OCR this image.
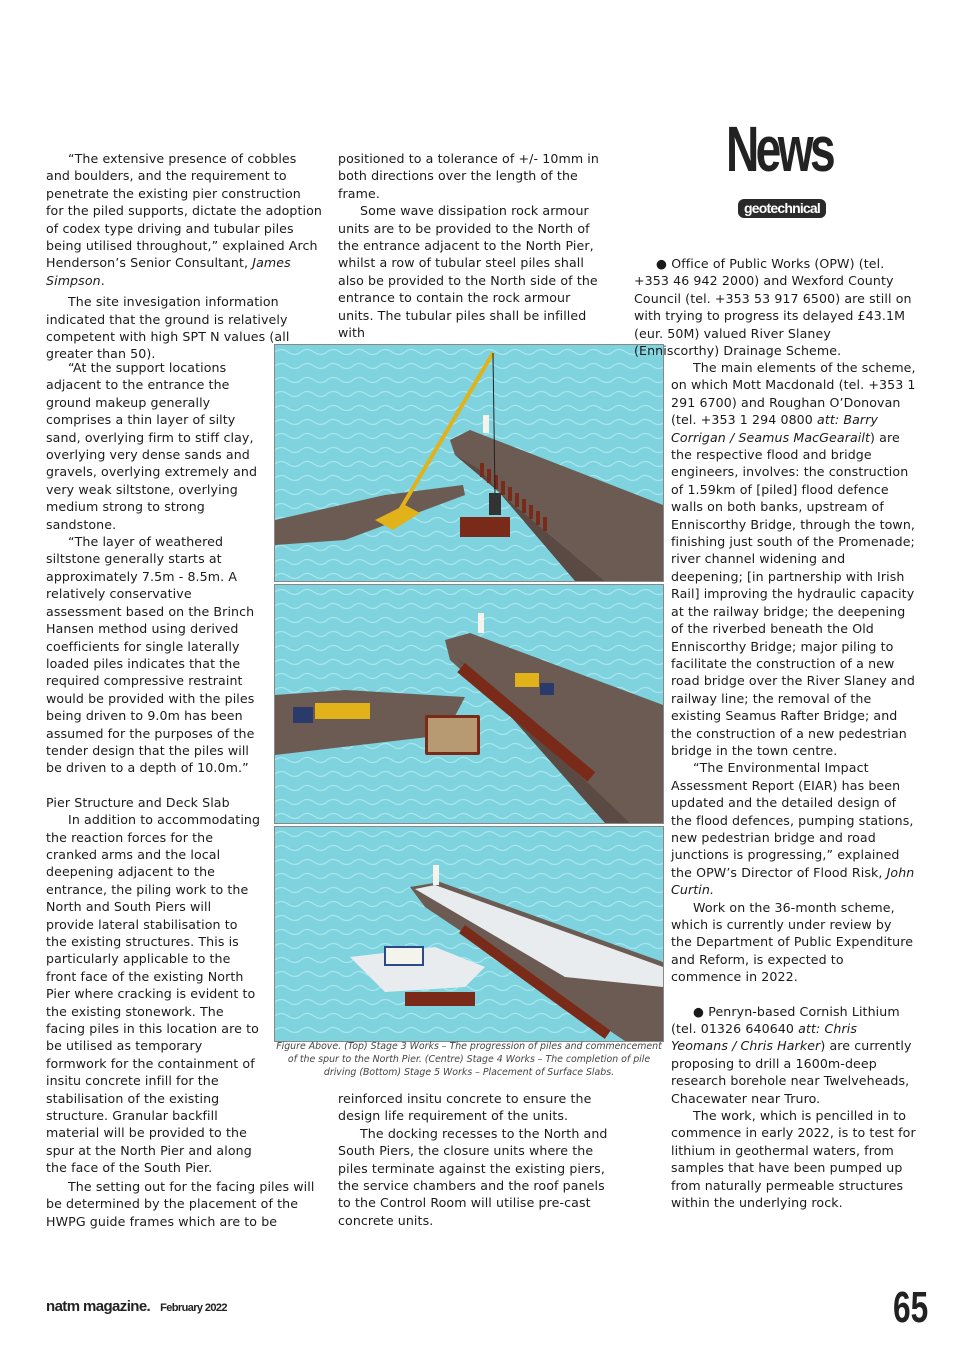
News
geotechnical

“The extensive presence of cobbles and boulders, and the requirement to penetrate the existing pier construction for the piled supports, dictate the adoption of codex type driving and tubular piles being utilised throughout,” explained Arch Henderson’s Senior Consultant, James Simpson.

The site invesigation information indicated that the ground is relatively competent with high SPT N values (all greater than 50).

“At the support locations adjacent to the entrance the ground makeup generally comprises a thin layer of silty sand, overlying firm to stiff clay, overlying very dense sands and gravels, overlying extremely and very weak siltstone, overlying medium strong to strong sandstone.

“The layer of weathered siltstone generally starts at approximately 7.5m - 8.5m. A relatively conservative assessment based on the Brinch Hansen method using derived coefficients for single laterally loaded piles indicates that the required compressive restraint would be provided with the piles being driven to 9.0m has been assumed for the purposes of the tender design that the piles will be driven to a depth of 10.0m.”

Pier Structure and Deck Slab

In addition to accommodating the reaction forces for the cranked arms and the local deepening adjacent to the entrance, the piling work to the North and South Piers will provide lateral stabilisation to the existing structures. This is particularly applicable to the front face of the existing North Pier where cracking is evident to the existing stonework. The facing piles in this location are to be utilised as temporary formwork for the containment of insitu concrete infill for the stabilisation of the existing structure. Granular backfill material will be provided to the spur at the North Pier and along the face of the South Pier.

The setting out for the facing piles will be determined by the placement of the HWPG guide frames which are to be

positioned to a tolerance of +/- 10mm in both directions over the length of the frame.

Some wave dissipation rock armour units are to be provided to the North of the entrance adjacent to the North Pier, whilst a row of tubular steel piles shall also be provided to the North side of the entrance to contain the rock armour units. The tubular piles shall be infilled with

reinforced insitu concrete to ensure the design life requirement of the units.

The docking recesses to the North and South Piers, the closure units where the piles terminate against the existing piers, the service chambers and the roof panels to the Control Room will utilise pre-cast concrete units.

Figure Above. (Top) Stage 3 Works – The progression of piles and commencement of the spur to the North Pier. (Centre) Stage 4 Works – The completion of pile driving (Bottom) Stage 5 Works – Placement of Surface Slabs.

● Office of Public Works (OPW) (tel. +353 46 942 2000) and Wexford County Council (tel. +353 53 917 6500) are still on with trying to progress its delayed £43.1M (eur. 50M) valued River Slaney (Enniscorthy) Drainage Scheme.

The main elements of the scheme, on which Mott Macdonald (tel. +353 1 291 6700) and Roughan O’Donovan (tel. +353 1 294 0800 att: Barry Corrigan / Seamus MacGearailt) are the respective flood and bridge engineers, involves: the construction of 1.59km of [piled] flood defence walls on both banks, upstream of Enniscorthy Bridge, through the town, finishing just south of the Promenade; river channel widening and deepening; [in partnership with Irish Rail] improving the hydraulic capacity at the railway bridge; the deepening of the riverbed beneath the Old Enniscorthy Bridge; major piling to facilitate the construction of a new road bridge over the River Slaney and railway line; the removal of the existing Seamus Rafter Bridge; and the construction of a new pedestrian bridge in the town centre.

“The Environmental Impact Assessment Report (EIAR) has been updated and the detailed design of the flood defences, pumping stations, new pedestrian bridge and road junctions is progressing,” explained the OPW’s Director of Flood Risk, John Curtin.

Work on the 36-month scheme, which is currently under review by the Department of Public Expenditure and Reform, is expected to commence in 2022.

● Penryn-based Cornish Lithium (tel. 01326 640640 att: Chris Yeomans / Chris Harker) are currently proposing to drill a 1600m-deep research borehole near Twelveheads, Chacewater near Truro.

The work, which is pencilled in to commence in early 2022, is to test for lithium in geothermal waters, from samples that have been pumped up from naturally permeable structures within the underlying rock.

natm magazine. February 2022	65
